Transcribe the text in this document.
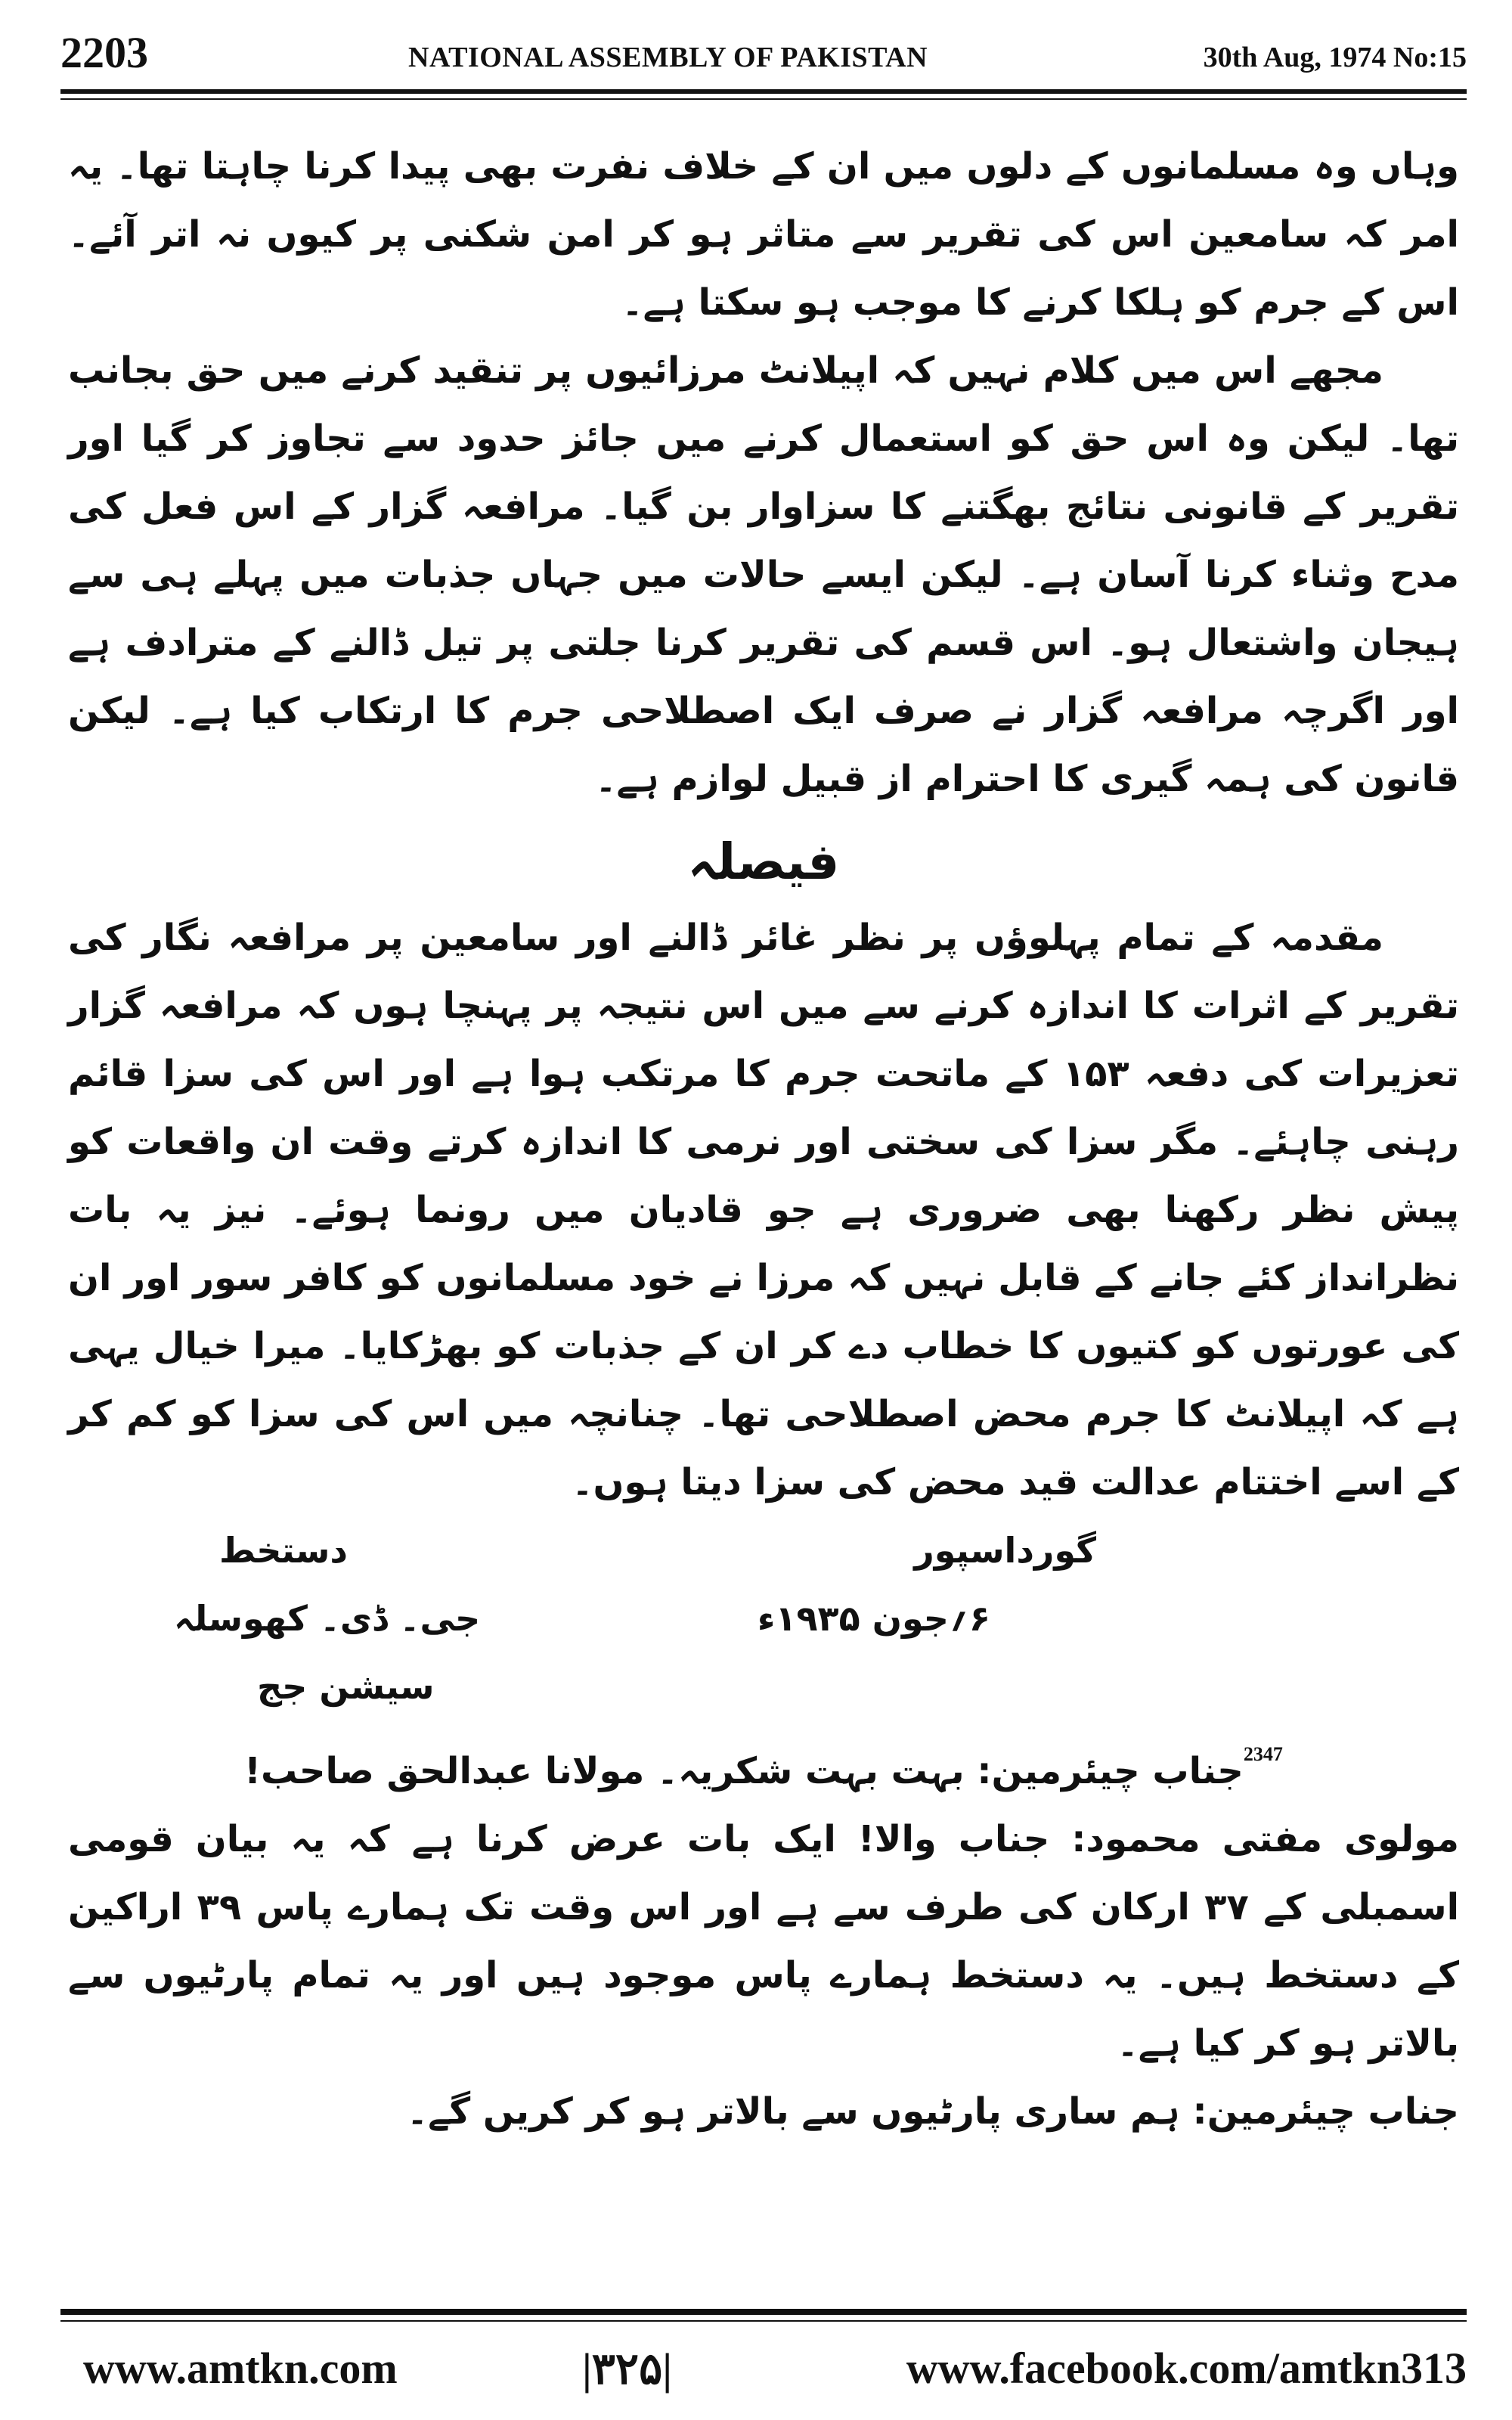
2203	NATIONAL ASSEMBLY OF PAKISTAN	30th Aug, 1974 No:15

وہاں وہ مسلمانوں کے دلوں میں ان کے خلاف نفرت بھی پیدا کرنا چاہتا تھا۔ یہ امر کہ سامعین اس کی تقریر سے متاثر ہو کر امن شکنی پر کیوں نہ اتر آئے۔ اس کے جرم کو ہلکا کرنے کا موجب ہو سکتا ہے۔

مجھے اس میں کلام نہیں کہ اپیلانٹ مرزائیوں پر تنقید کرنے میں حق بجانب تھا۔ لیکن وہ اس حق کو استعمال کرنے میں جائز حدود سے تجاوز کر گیا اور تقریر کے قانونی نتائج بھگتنے کا سزاوار بن گیا۔ مرافعہ گزار کے اس فعل کی مدح وثناء کرنا آسان ہے۔ لیکن ایسے حالات میں جہاں جذبات میں پہلے ہی سے ہیجان واشتعال ہو۔ اس قسم کی تقریر کرنا جلتی پر تیل ڈالنے کے مترادف ہے اور اگرچہ مرافعہ گزار نے صرف ایک اصطلاحی جرم کا ارتکاب کیا ہے۔ لیکن قانون کی ہمہ گیری کا احترام از قبیل لوازم ہے۔

فیصلہ

مقدمہ کے تمام پہلوؤں پر نظر غائر ڈالنے اور سامعین پر مرافعہ نگار کی تقریر کے اثرات کا اندازہ کرنے سے میں اس نتیجہ پر پہنچا ہوں کہ مرافعہ گزار تعزیرات کی دفعہ ۱۵۳ کے ماتحت جرم کا مرتکب ہوا ہے اور اس کی سزا قائم رہنی چاہئے۔ مگر سزا کی سختی اور نرمی کا اندازہ کرتے وقت ان واقعات کو پیش نظر رکھنا بھی ضروری ہے جو قادیان میں رونما ہوئے۔ نیز یہ بات نظرانداز کئے جانے کے قابل نہیں کہ مرزا نے خود مسلمانوں کو کافر سور اور ان کی عورتوں کو کتیوں کا خطاب دے کر ان کے جذبات کو بھڑکایا۔ میرا خیال یہی ہے کہ اپیلانٹ کا جرم محض اصطلاحی تھا۔ چنانچہ میں اس کی سزا کو کم کر کے اسے اختتام عدالت قید محض کی سزا دیتا ہوں۔

گورداسپور
دستخط
۶؍جون ۱۹۳۵ء
جی۔ ڈی۔ کھوسلہ
سیشن جج

$^{2347}$جناب چیئرمین: بہت بہت شکریہ۔ مولانا عبدالحق صاحب!

مولوی مفتی محمود: جناب والا! ایک بات عرض کرنا ہے کہ یہ بیان قومی اسمبلی کے ۳۷ ارکان کی طرف سے ہے اور اس وقت تک ہمارے پاس ۳۹ اراکین کے دستخط ہیں۔ یہ دستخط ہمارے پاس موجود ہیں اور یہ تمام پارٹیوں سے بالاتر ہو کر کیا ہے۔

جناب چیئرمین: ہم ساری پارٹیوں سے بالاتر ہو کر کریں گے۔

www.amtkn.com	|۳۲۵|	www.facebook.com/amtkn313
